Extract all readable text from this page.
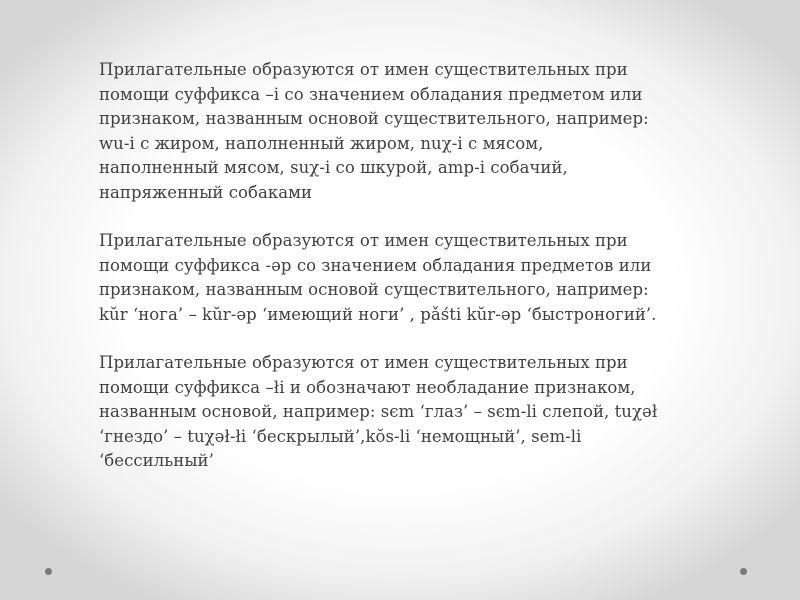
Прилагательные образуются от имен существительных при
помощи суффикса –i со значением обладания предметом или
признаком, названным основой существительного, например:
wu-i с жиром, наполненный жиром, nuχ-i с мясом,
наполненный мясом, suχ-i со шкурой, amp-i собачий,
напряженный собаками

Прилагательные образуются от имен существительных при
помощи суффикса -әр со значением обладания предметов или
признаком, названным основой существительного, например:
kŭr ‘нога’ – kŭr-әр ‘имеющий ноги’ , pǎśti kŭr-әр ‘быстроногий’.

Прилагательные образуются от имен существительных при
помощи суффикса –łi и обозначают необладание признаком,
названным основой, например: sєm ‘глаз’ – sєm-li слепой, tuχәł
‘гнездо’ – tuχәł-łi ‘бескрылый’,kŏs-li ‘немощный’, sem-li
‘бессильный’
